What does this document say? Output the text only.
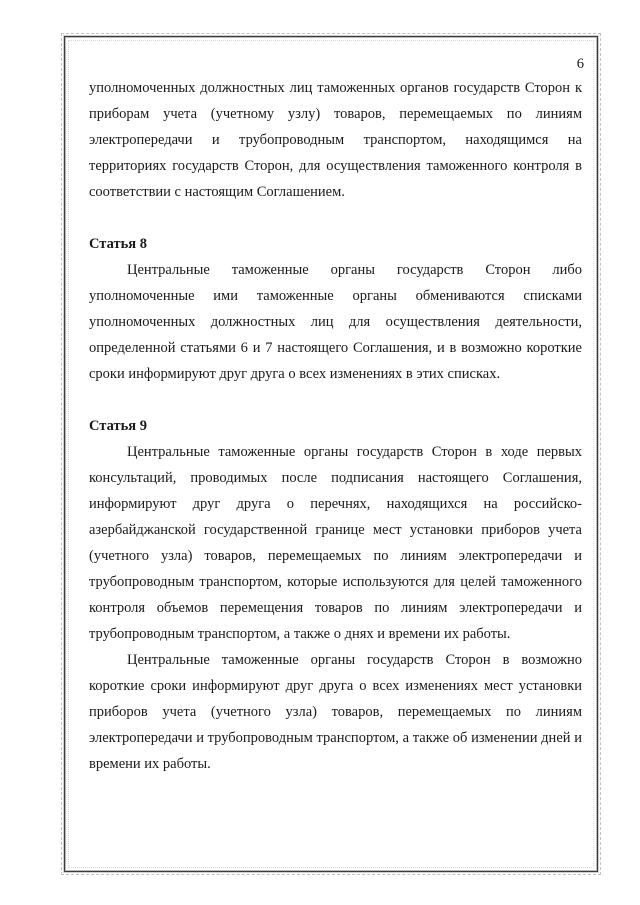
6

уполномоченных должностных лиц таможенных органов государств Сторон к приборам учета (учетному узлу) товаров, перемещаемых по линиям электропередачи и трубопроводным транспортом, находящимся на территориях государств Сторон, для осуществления таможенного контроля в соответствии с настоящим Соглашением.

Статья 8

Центральные таможенные органы государств Сторон либо уполномоченные ими таможенные органы обмениваются списками уполномоченных должностных лиц для осуществления деятельности, определенной статьями 6 и 7 настоящего Соглашения, и в возможно короткие сроки информируют друг друга о всех изменениях в этих списках.

Статья 9

Центральные таможенные органы государств Сторон в ходе первых консультаций, проводимых после подписания настоящего Соглашения, информируют друг друга о перечнях, находящихся на российско-азербайджанской государственной границе мест установки приборов учета (учетного узла) товаров, перемещаемых по линиям электропередачи и трубопроводным транспортом, которые используются для целей таможенного контроля объемов перемещения товаров по линиям электропередачи и трубопроводным транспортом, а также о днях и времени их работы.

Центральные таможенные органы государств Сторон в возможно короткие сроки информируют друг друга о всех изменениях мест установки приборов учета (учетного узла) товаров, перемещаемых по линиям электропередачи и трубопроводным транспортом, а также об изменении дней и времени их работы.
